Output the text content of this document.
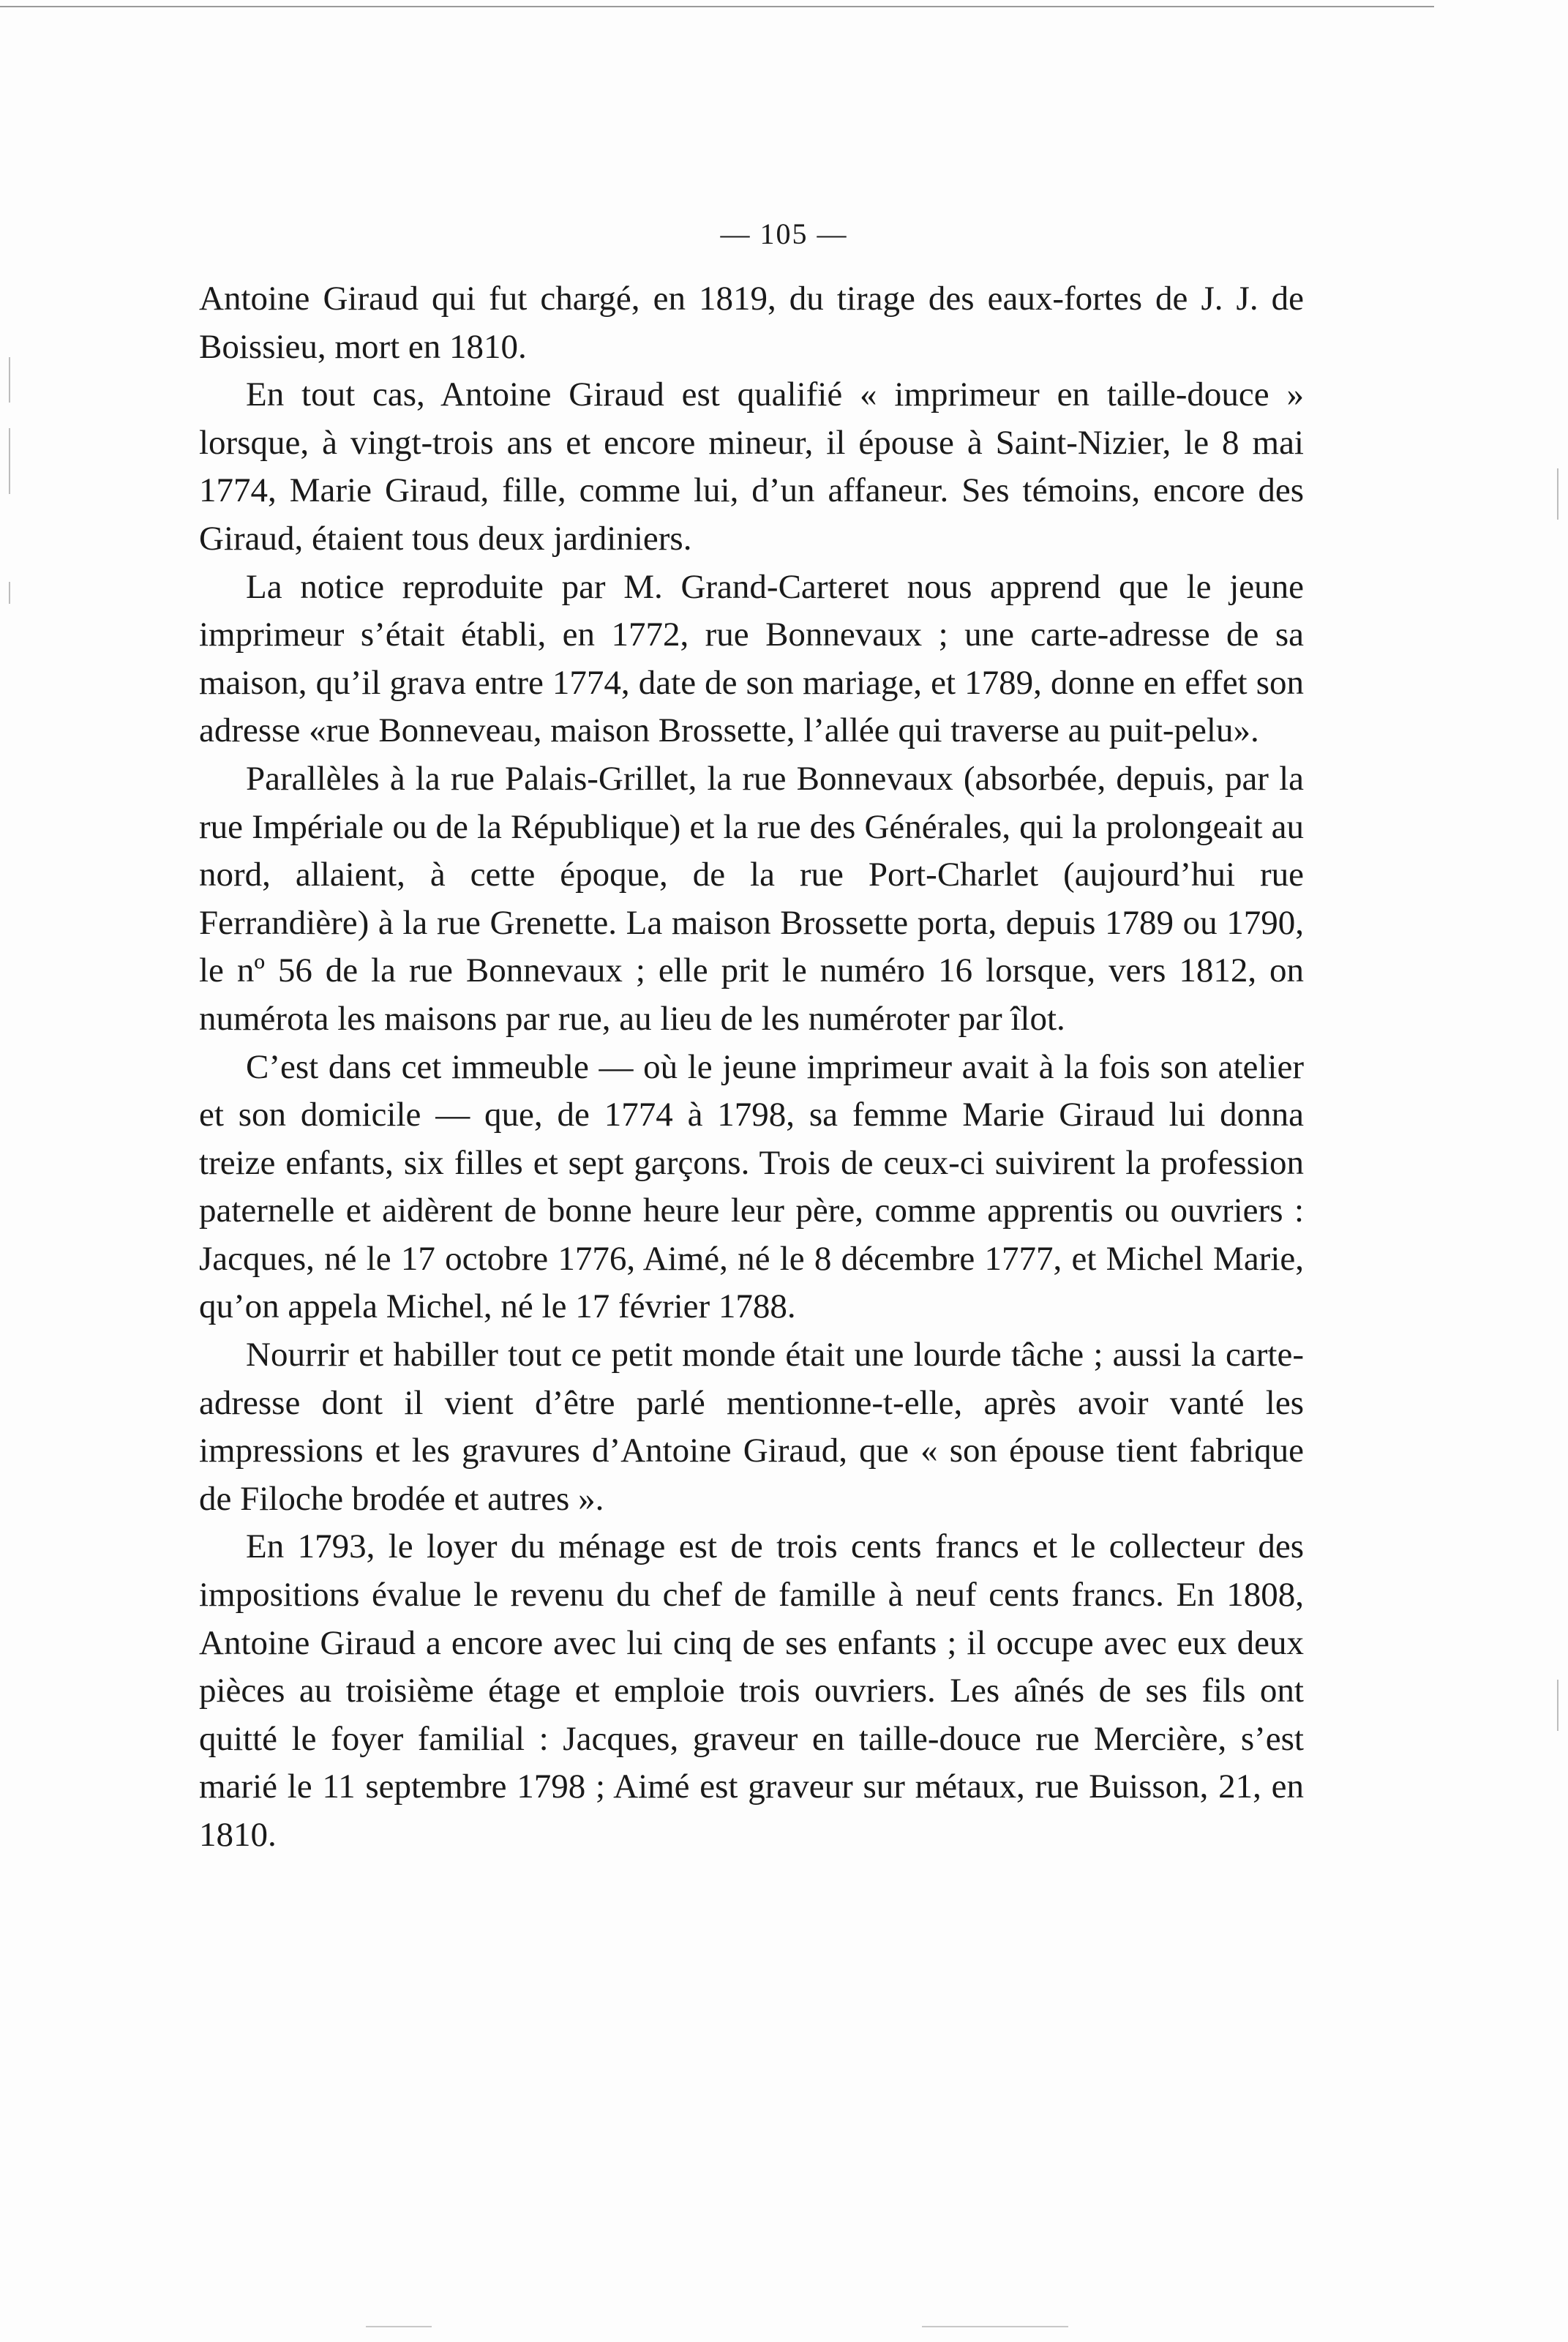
— 105 —

Antoine Giraud qui fut chargé, en 1819, du tirage des eaux-fortes de J. J. de Boissieu, mort en 1810.

En tout cas, Antoine Giraud est qualifié « imprimeur en taille-douce » lorsque, à vingt-trois ans et encore mineur, il épouse à Saint-Nizier, le 8 mai 1774, Marie Giraud, fille, comme lui, d’un affaneur. Ses témoins, encore des Giraud, étaient tous deux jardiniers.

La notice reproduite par M. Grand-Carteret nous apprend que le jeune imprimeur s’était établi, en 1772, rue Bonnevaux ; une carte-adresse de sa maison, qu’il grava entre 1774, date de son mariage, et 1789, donne en effet son adresse «rue Bonneveau, maison Brossette, l’allée qui traverse au puit-pelu».

Parallèles à la rue Palais-Grillet, la rue Bonnevaux (absorbée, depuis, par la rue Impériale ou de la République) et la rue des Générales, qui la prolongeait au nord, allaient, à cette époque, de la rue Port-Charlet (aujourd’hui rue Ferrandière) à la rue Grenette. La maison Brossette porta, depuis 1789 ou 1790, le nº 56 de la rue Bonnevaux ; elle prit le numéro 16 lorsque, vers 1812, on numérota les maisons par rue, au lieu de les numéroter par îlot.

C’est dans cet immeuble — où le jeune imprimeur avait à la fois son atelier et son domicile — que, de 1774 à 1798, sa femme Marie Giraud lui donna treize enfants, six filles et sept garçons. Trois de ceux-ci suivirent la profession paternelle et aidèrent de bonne heure leur père, comme apprentis ou ouvriers : Jacques, né le 17 octobre 1776, Aimé, né le 8 décembre 1777, et Michel Marie, qu’on appela Michel, né le 17 février 1788.

Nourrir et habiller tout ce petit monde était une lourde tâche ; aussi la carte-adresse dont il vient d’être parlé mentionne-t-elle, après avoir vanté les impressions et les gravures d’Antoine Giraud, que « son épouse tient fabrique de Filoche brodée et autres ».

En 1793, le loyer du ménage est de trois cents francs et le collecteur des impositions évalue le revenu du chef de famille à neuf cents francs. En 1808, Antoine Giraud a encore avec lui cinq de ses enfants ; il occupe avec eux deux pièces au troisième étage et emploie trois ouvriers. Les aînés de ses fils ont quitté le foyer familial : Jacques, graveur en taille-douce rue Mercière, s’est marié le 11 septembre 1798 ; Aimé est graveur sur métaux, rue Buisson, 21, en 1810.
